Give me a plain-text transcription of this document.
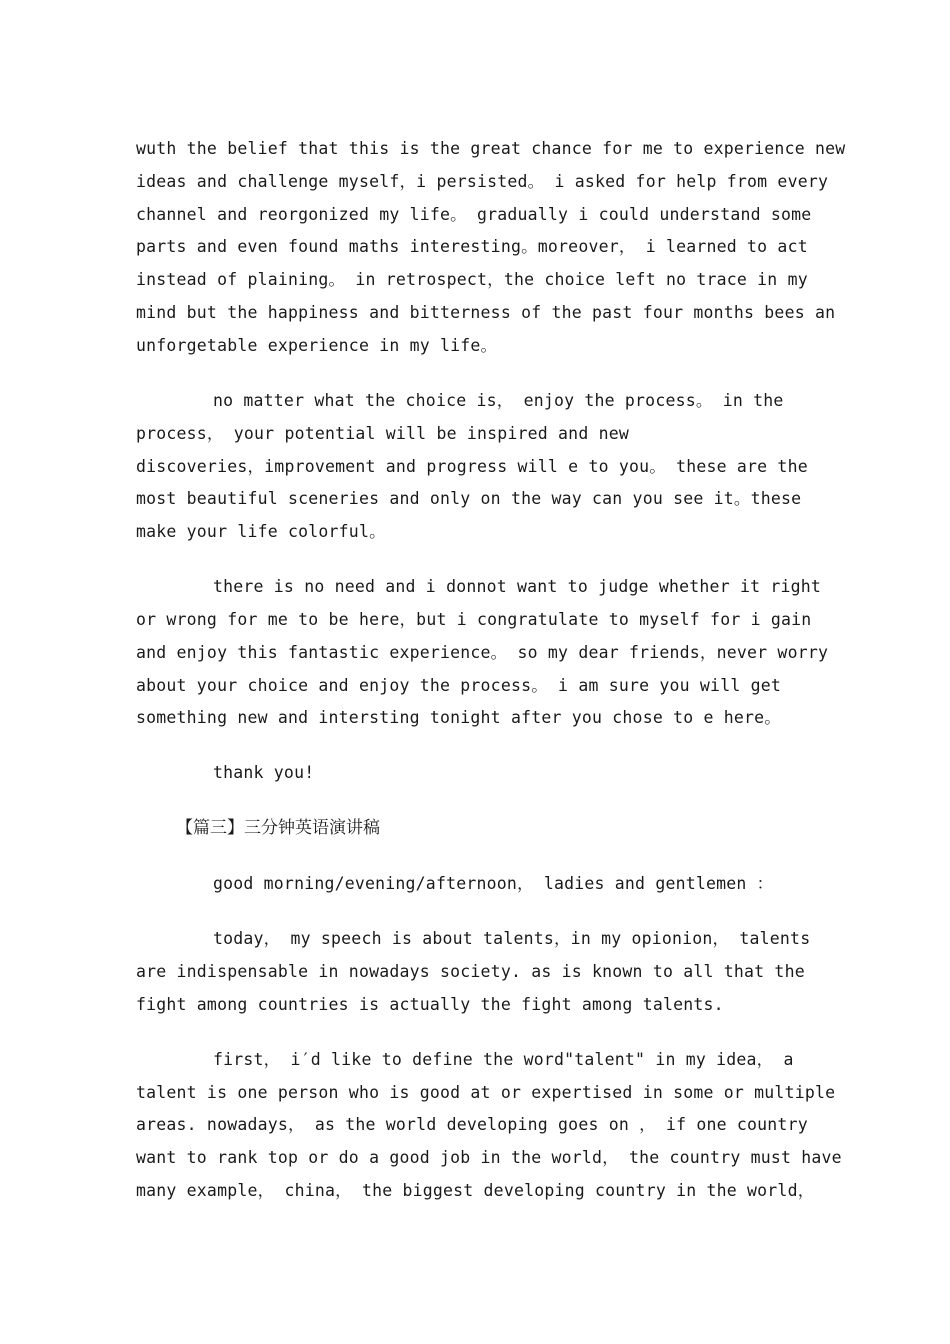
wuth the belief that this is the great chance for me to experience new
ideas and challenge myself，i persisted。 i asked for help from every
channel and reorgonized my life。 gradually i could understand some
parts and even found maths interesting。moreover， i learned to act
instead of plaining。 in retrospect，the choice left no trace in my
mind but the happiness and bitterness of the past four months bees an
unforgetable experience in my life。
no matter what the choice is， enjoy the process。 in the
process， your potential will be inspired and new
discoveries，improvement and progress will e to you。 these are the
most beautiful sceneries and only on the way can you see it。these
make your life colorful。
there is no need and i donnot want to judge whether it right
or wrong for me to be here，but i congratulate to myself for i gain
and enjoy this fantastic experience。 so my dear friends，never worry
about your choice and enjoy the process。 i am sure you will get
something new and intersting tonight after you chose to e here。
thank you!
【篇三】三分钟英语演讲稿
good morning/evening/afternoon， ladies and gentlemen ：
today， my speech is about talents，in my opionion， talents
are indispensable in nowadays society. as is known to all that the
fight among countries is actually the fight among talents.
first， i′d like to define the word"talent" in my idea， a
talent is one person who is good at or expertised in some or multiple
areas. nowadays， as the world developing goes on ， if one country
want to rank top or do a good job in the world， the country must have
many example， china， the biggest developing country in the world，
